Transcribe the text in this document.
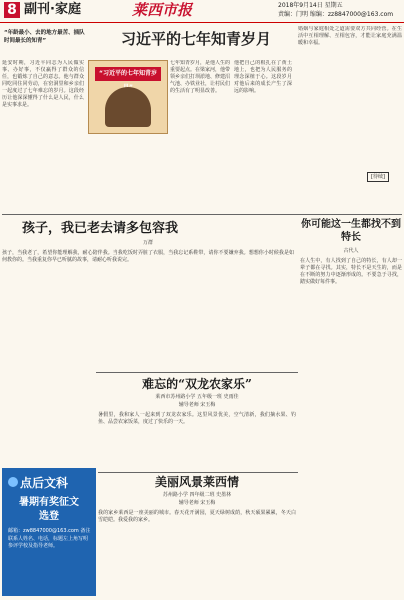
8 副刊·家庭	莱西市报	2018年9月14日 星期五
责编：门明 缩编：zz8847000@163.com
习近平的七年知青岁月
“年龄最小、去的地方最苦、插队时间最长的知青”
“习近平的七年知青岁
延安时期，习近平同志为人民做实事、办好事，不仅赢得了群众的信任，也锻炼了自己的意志。他与群众同吃同住同劳动，在窑洞里和乡亲们一起度过了七年难忘的岁月。这段经历让他深深懂得了什么是人民，什么是实事求是。
七年知青岁月，是他人生的重要起点。在梁家河，他带领乡亲们打坝淤地、修建沼气池、办铁业社，让村民们的生活有了明显改善。
他把自己的根扎在了黄土地上，也把为人民服务的理念深植于心。这段岁月对他后来的成长产生了深远的影响。
婚姻与家庭相处之道需要双方共同经营。在生活中互相理解、互相包容，才能让家庭充满温暖和幸福。
[待续]
孩子，我已老去请多包容我
万群
孩子，当我老了，希望你能理解我，耐心陪伴我。当我吃饭时弄脏了衣服，当我忘记系鞋带，请你不要嫌弃我。想想你小时候我是如何教你的。当我重复你早已听腻的故事，请耐心听我说完。
你可能这一生都找不到特长
古代人
在人生中，有人找到了自己的特长，有人却一辈子都在寻找。其实，特长不是天生的，而是在不断的努力中逐渐形成的。不要急于寻找，踏实做好每件事。
难忘的“双龙农家乐”
莱西市苏州路小学 五年级一班 史雨佳
辅导老师 宋玉梅
暑假里，我和家人一起来到了双龙农家乐。这里风景优美，空气清新，我们摘水果、钓鱼、品尝农家饭菜，度过了快乐的一天。
点后文科
暑期有奖征文
选登
邮箱：zw8847000@163.com 备注联系人姓名、电话，标题左上角写明参评学校及指导老师。
美丽风景莱西情
苏州路小学 四年级二班 史墨林
辅导老师 宋玉梅
我的家乡莱西是一座美丽的城市。春天花开满园，夏天绿树成荫，秋天硕果累累，冬天白雪皑皑。我爱我的家乡。
